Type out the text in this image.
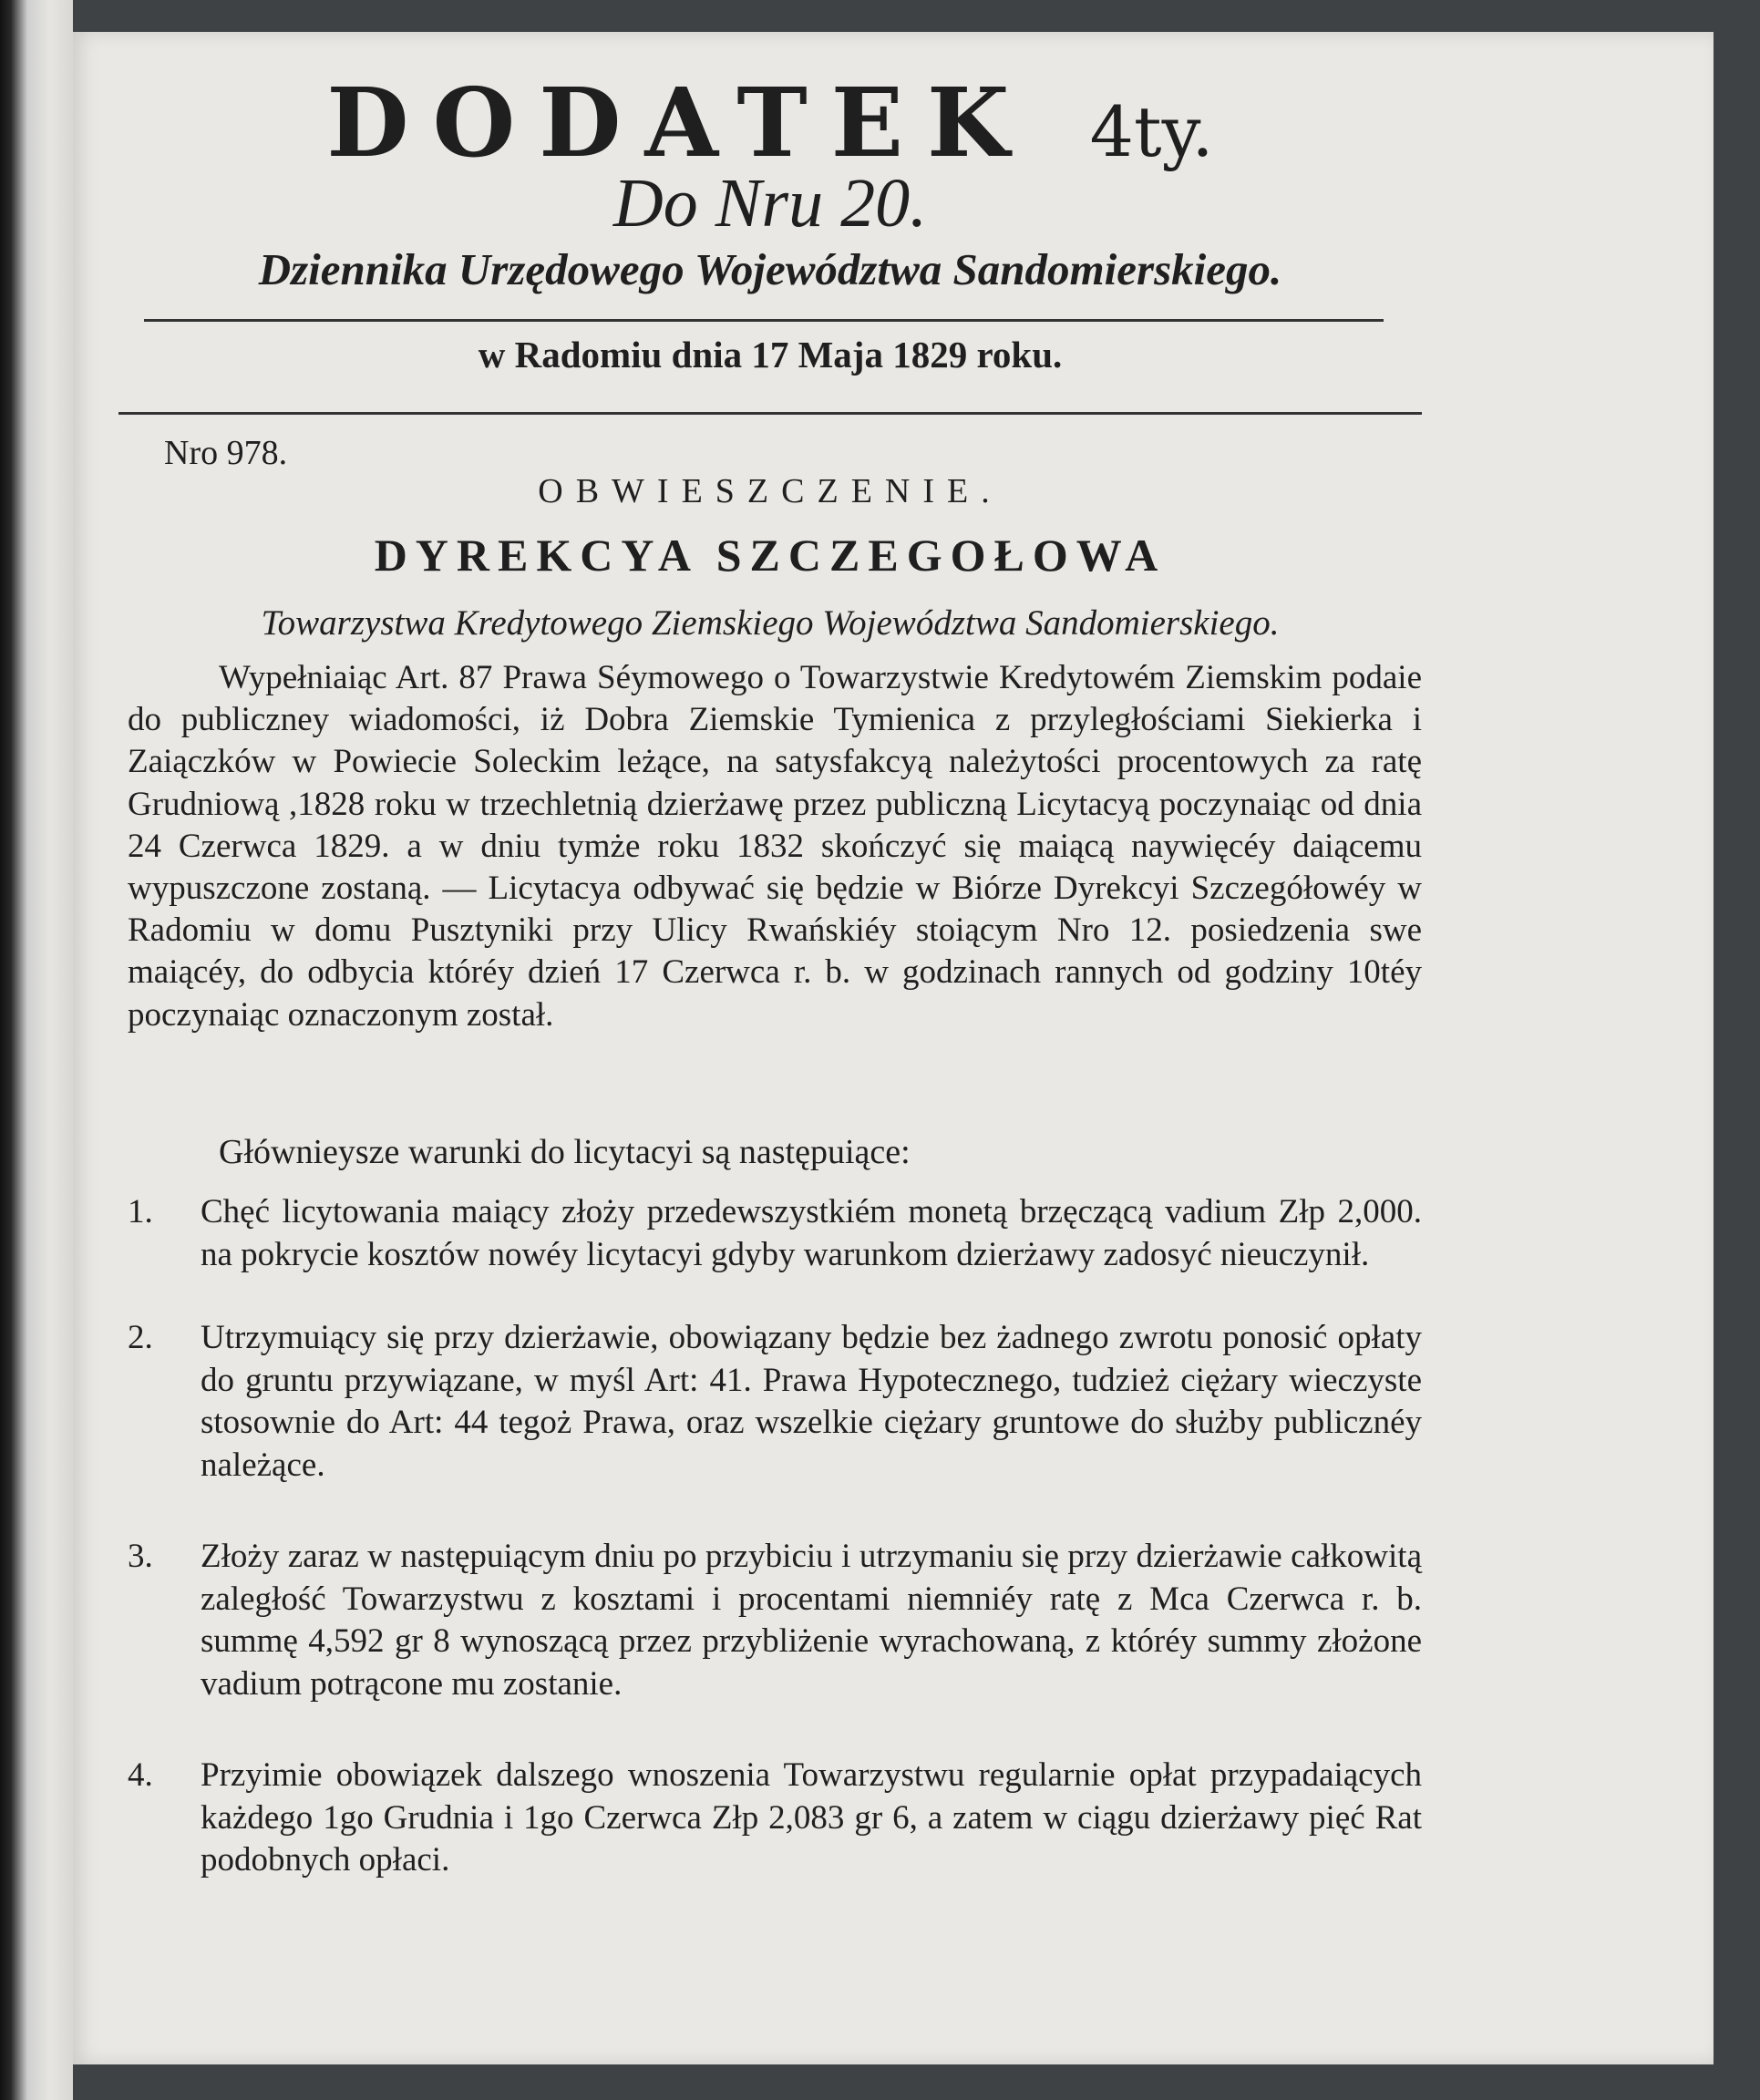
DODATEK 4ty.
Do Nru 20.
Dziennika Urzędowego Województwa Sandomierskiego.
w Radomiu dnia 17 Maja 1829 roku.
Nro 978.
OBWIESZCZENIE.
DYREKCYA SZCZEGOŁOWA
Towarzystwa Kredytowego Ziemskiego Województwa Sandomierskiego.
Wypełniaiąc Art. 87 Prawa Séymowego o Towarzystwie Kredytowém Ziemskim podaie do publiczney wiadomości, iż Dobra Ziemskie Tymienica z przyległościami Siekierka i Zaiączków w Powiecie Soleckim leżące, na satysfakcyą należytości procentowych za ratę Grudniową ,1828 roku w trzechletnią dzierżawę przez publiczną Licytacyą poczynaiąc od dnia 24 Czerwca 1829. a w dniu tymże roku 1832 skończyć się maiącą naywięcéy daiącemu wypuszczone zostaną. — Licytacya odbywać się będzie w Biórze Dyrekcyi Szczegółowéy w Radomiu w domu Pusztyniki przy Ulicy Rwańskiéy stoiącym Nro 12. posiedzenia swe maiącéy, do odbycia któréy dzień 17 Czerwca r. b. w godzinach rannych od godziny 10téy poczynaiąc oznaczonym został.
Głównieysze warunki do licytacyi są następuiące:
1.	Chęć licytowania maiący złoży przedewszystkiém monetą brzęczącą vadium Złp 2,000. na pokrycie kosztów nowéy licytacyi gdyby warunkom dzierżawy zadosyć nieuczynił.
2.	Utrzymuiący się przy dzierżawie, obowiązany będzie bez żadnego zwrotu ponosić opłaty do gruntu przywiązane, w myśl Art: 41. Prawa Hypotecznego, tudzież ciężary wieczyste stosownie do Art: 44 tegoż Prawa, oraz wszelkie ciężary gruntowe do służby publicznéy należące.
3.	Złoży zaraz w następuiącym dniu po przybiciu i utrzymaniu się przy dzierżawie całkowitą zaległość Towarzystwu z kosztami i procentami niemniéy ratę z Mca Czerwca r. b. summę 4,592 gr 8 wynoszącą przez przybliżenie wyrachowaną, z któréy summy złożone vadium potrącone mu zostanie.
4.	Przyimie obowiązek dalszego wnoszenia Towarzystwu regularnie opłat przypadaiących każdego 1go Grudnia i 1go Czerwca Złp 2,083 gr 6, a zatem w ciągu dzierżawy pięć Rat podobnych opłaci.
